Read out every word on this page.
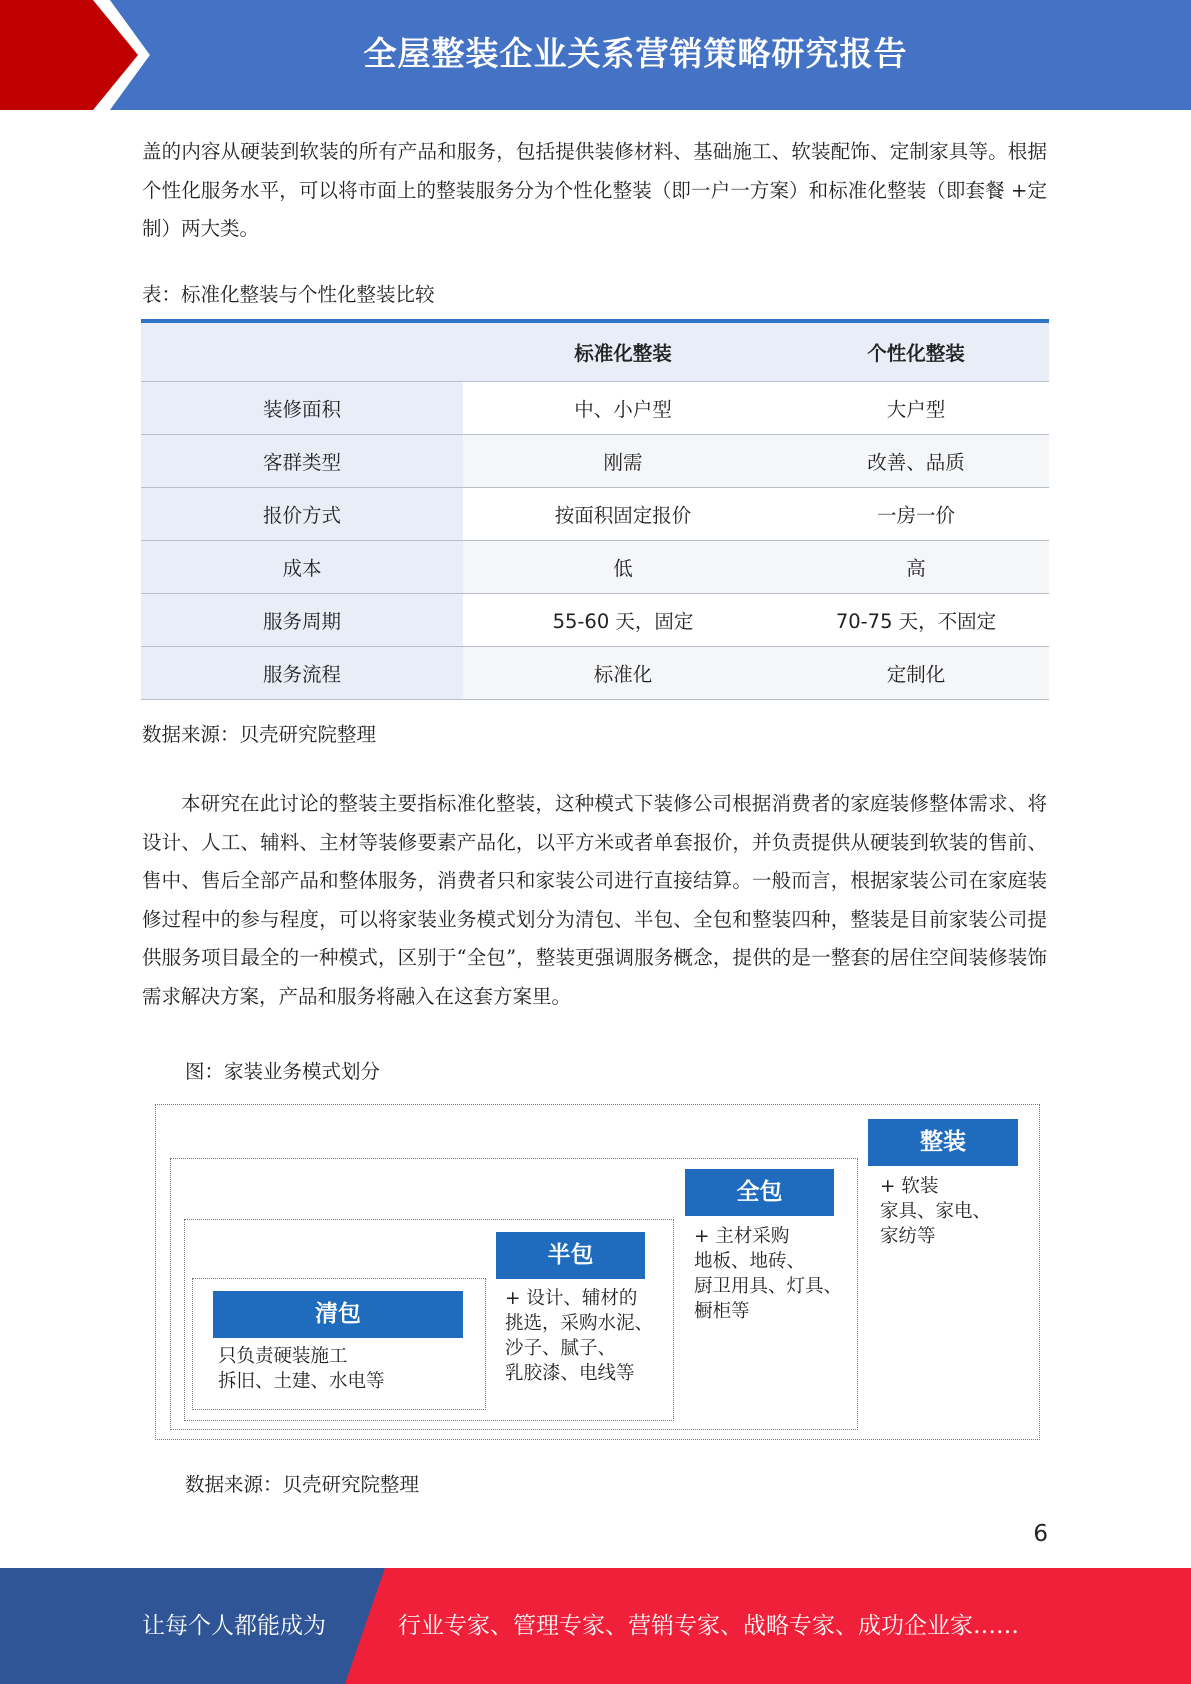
全屋整装企业关系营销策略研究报告
盖的内容从硬装到软装的所有产品和服务，包括提供装修材料、基础施工、软装配饰、定制家具等。根据个性化服务水平，可以将市面上的整装服务分为个性化整装（即一户一方案）和标准化整装（即套餐 +定制）两大类。
表：标准化整装与个性化整装比较
	标准化整装	个性化整装
装修面积	中、小户型	大户型
客群类型	刚需	改善、品质
报价方式	按面积固定报价	一房一价
成本	低	高
服务周期	55-60 天，固定	70-75 天，不固定
服务流程	标准化	定制化
数据来源：贝壳研究院整理
本研究在此讨论的整装主要指标准化整装，这种模式下装修公司根据消费者的家庭装修整体需求、将设计、人工、辅料、主材等装修要素产品化，以平方米或者单套报价，并负责提供从硬装到软装的售前、售中、售后全部产品和整体服务，消费者只和家装公司进行直接结算。一般而言，根据家装公司在家庭装修过程中的参与程度，可以将家装业务模式划分为清包、半包、全包和整装四种，整装是目前家装公司提供服务项目最全的一种模式，区别于“全包”，整装更强调服务概念，提供的是一整套的居住空间装修装饰需求解决方案，产品和服务将融入在这套方案里。
图：家装业务模式划分
整装
+ 软装
家具、家电、
家纺等
全包
+ 主材采购
地板、地砖、
厨卫用具、灯具、
橱柜等
半包
+ 设计、辅材的
挑选，采购水泥、
沙子、腻子、
乳胶漆、电线等
清包
只负责硬装施工
拆旧、土建、水电等
数据来源：贝壳研究院整理
6
让每个人都能成为	行业专家、管理专家、营销专家、战略专家、成功企业家……
